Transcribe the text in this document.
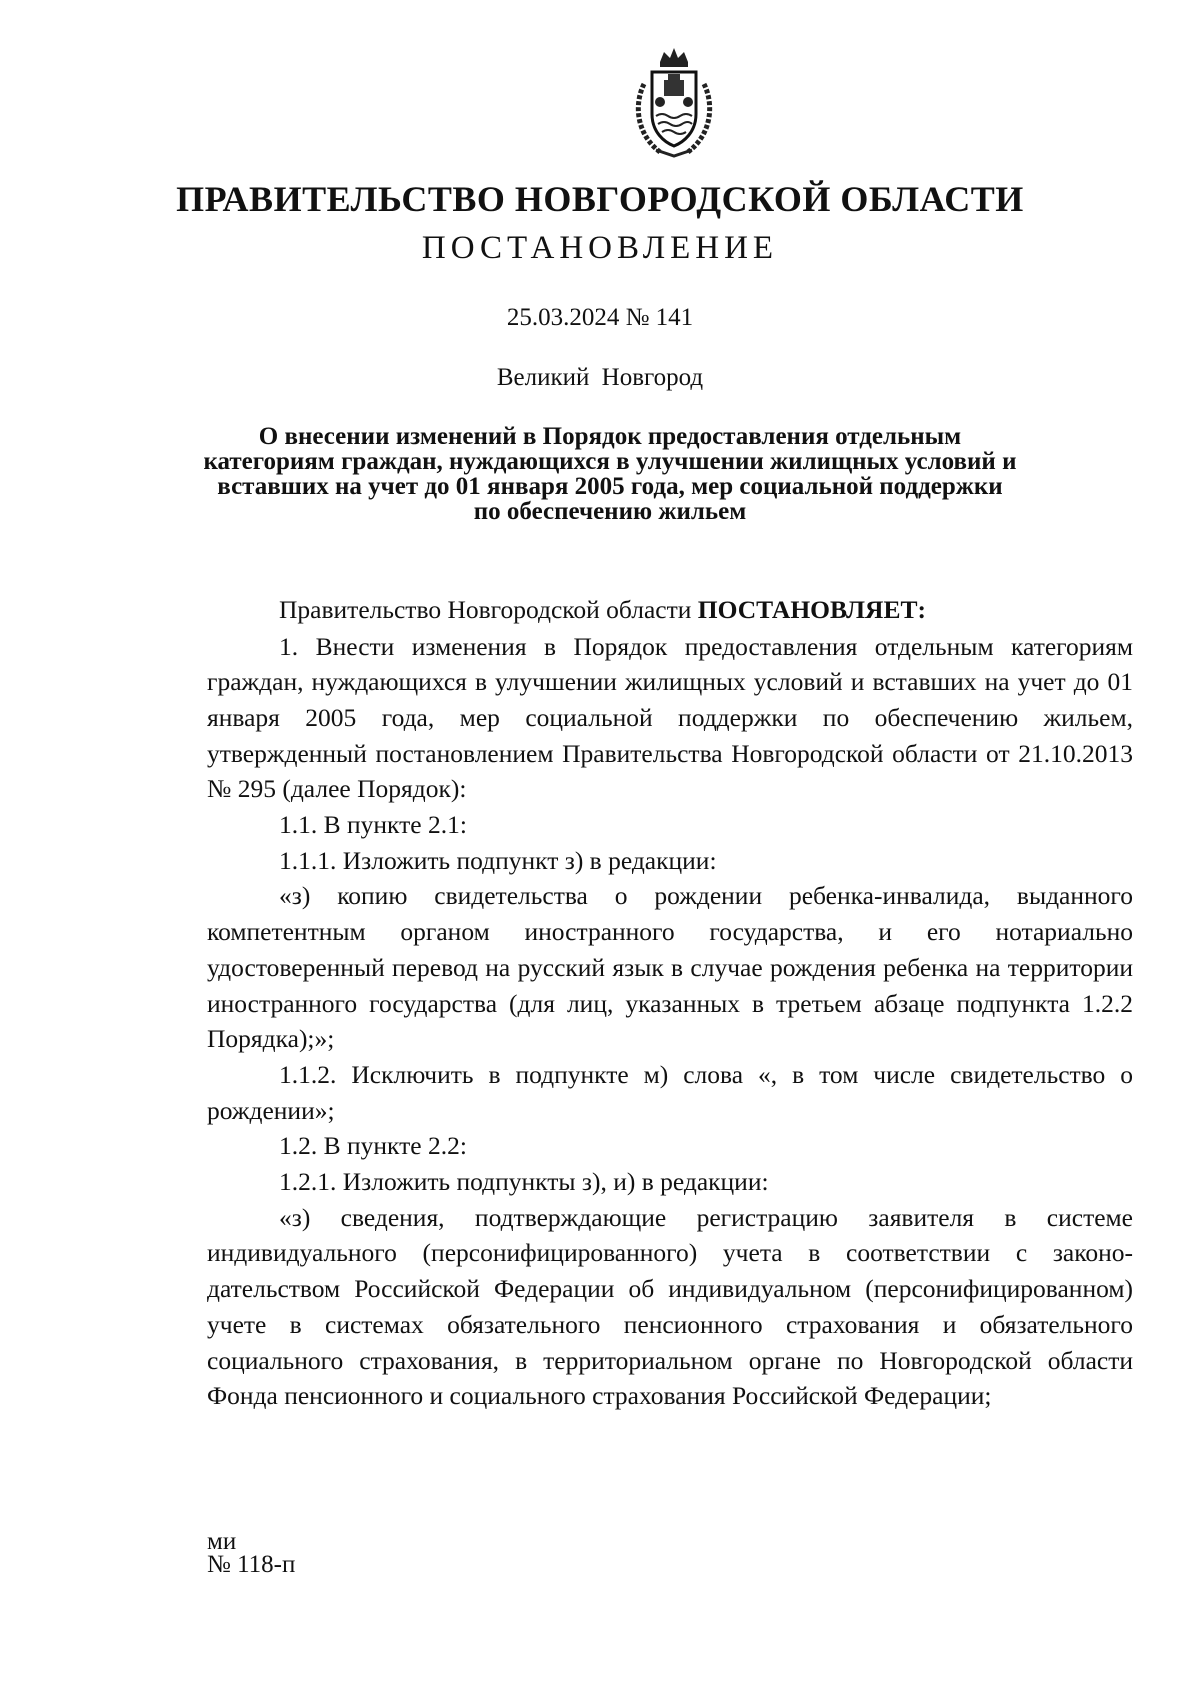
ПРАВИТЕЛЬСТВО НОВГОРОДСКОЙ ОБЛАСТИ
ПОСТАНОВЛЕНИЕ
25.03.2024 № 141
Великий Новгород
О внесении изменений в Порядок предоставления отдельным
категориям граждан, нуждающихся в улучшении жилищных условий и
вставших на учет до 01 января 2005 года, мер социальной поддержки
по обеспечению жильем

Правительство Новгородской области ПОСТАНОВЛЯЕТ:

1. Внести изменения в Порядок предоставления отдельным категориям граждан, нуждающихся в улучшении жилищных условий и вставших на учет до 01 января 2005 года, мер социальной поддержки по обеспечению жильем, утвержденный постановлением Правительства Новгородской области от 21.10.2013 № 295 (далее Порядок):

1.1. В пункте 2.1:

1.1.1. Изложить подпункт з) в редакции:

«з) копию свидетельства о рождении ребенка-инвалида, выданного компетентным органом иностранного государства, и его нотариально удостоверенный перевод на русский язык в случае рождения ребенка на территории иностранного государства (для лиц, указанных в третьем абзаце подпункта 1.2.2 Порядка);»;

1.1.2. Исключить в подпункте м) слова «, в том числе свидетельство о рождении»;

1.2. В пункте 2.2:

1.2.1. Изложить подпункты з), и) в редакции:

«з) сведения, подтверждающие регистрацию заявителя в системе индивидуального (персонифицированного) учета в соответствии с законодательством Российской Федерации об индивидуальном (персонифицированном) учете в системах обязательного пенсионного страхования и обязательного социального страхования, в территориальном органе по Новгородской области Фонда пенсионного и социального страхования Российской Федерации;

ми
№ 118-п
